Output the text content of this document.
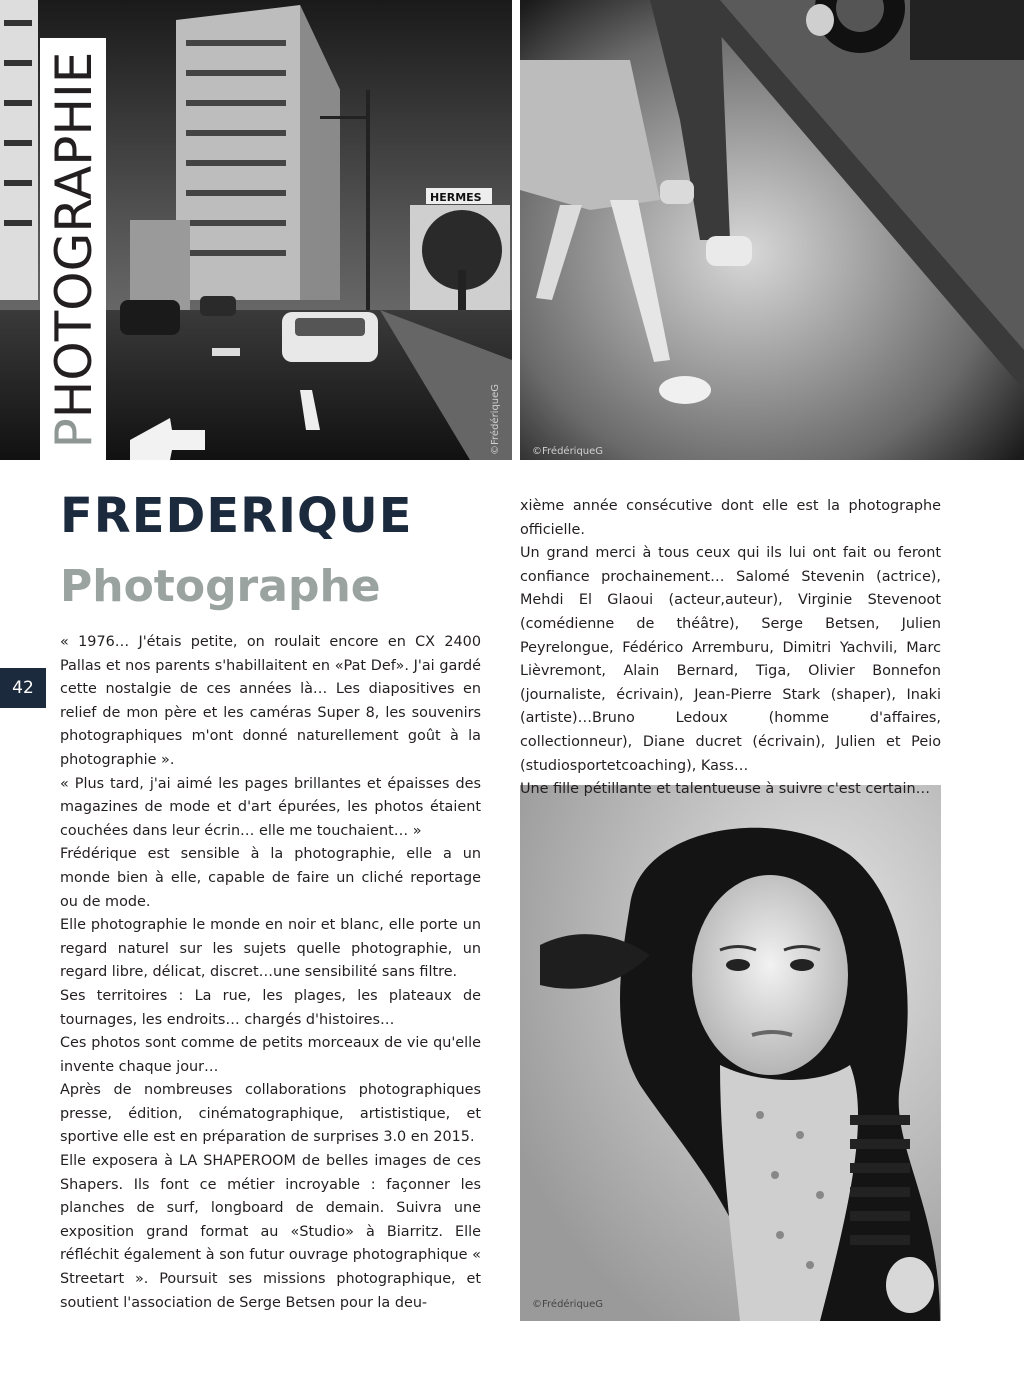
HERMES
PHOTOGRAPHIE
©FrédériqueG	©FrédériqueG
©FrédériqueG
FREDERIQUE
Photographe
42

« 1976… J'étais petite, on roulait encore en CX 2400 Pallas et nos parents s'habillaitent en «Pat Def». J'ai gardé cette nostalgie de ces années là… Les diapositives en relief de mon père et les caméras Super 8, les souvenirs photographiques m'ont donné naturellement goût à la photographie ».

« Plus tard, j'ai aimé les pages brillantes et épaisses des magazines de mode et d'art épurées, les photos étaient couchées dans leur écrin… elle me touchaient… »

Frédérique est sensible à la photographie, elle a un monde bien à elle, capable de faire un cliché reportage ou de mode.

Elle photographie le monde en noir et blanc, elle porte un regard naturel sur les sujets quelle photographie, un regard libre, délicat, discret…une sensibilité sans filtre.

Ses territoires : La rue, les plages, les plateaux de tournages, les endroits… chargés d'histoires…

Ces photos sont comme de petits morceaux de vie qu'elle invente chaque jour…

Après de nombreuses collaborations photographiques presse, édition, cinématographique, artististique, et sportive elle est en préparation de surprises 3.0 en 2015.

Elle exposera à LA SHAPEROOM de belles images de ces Shapers. Ils font ce métier incroyable : façonner les planches de surf, longboard de demain. Suivra une exposition grand format au «Studio» à Biarritz. Elle réfléchit également à son futur ouvrage photographique « Streetart ». Poursuit ses missions photographique, et soutient l'association de Serge Betsen pour la deu-

xième année consécutive dont elle est la photographe officielle.

Un grand merci à tous ceux qui ils lui ont fait ou feront confiance prochainement… Salomé Stevenin (actrice), Mehdi El Glaoui (acteur,auteur), Virginie Stevenoot (comédienne de théâtre), Serge Betsen, Julien Peyrelongue, Fédérico Arremburu, Dimitri Yachvili, Marc Lièvremont, Alain Bernard, Tiga, Olivier Bonnefon (journaliste, écrivain), Jean-Pierre Stark (shaper), Inaki (artiste)…Bruno Ledoux (homme d'affaires, collectionneur), Diane ducret (écrivain), Julien et Peio (studiosportetcoaching), Kass…

Une fille pétillante et talentueuse à suivre c'est certain…
